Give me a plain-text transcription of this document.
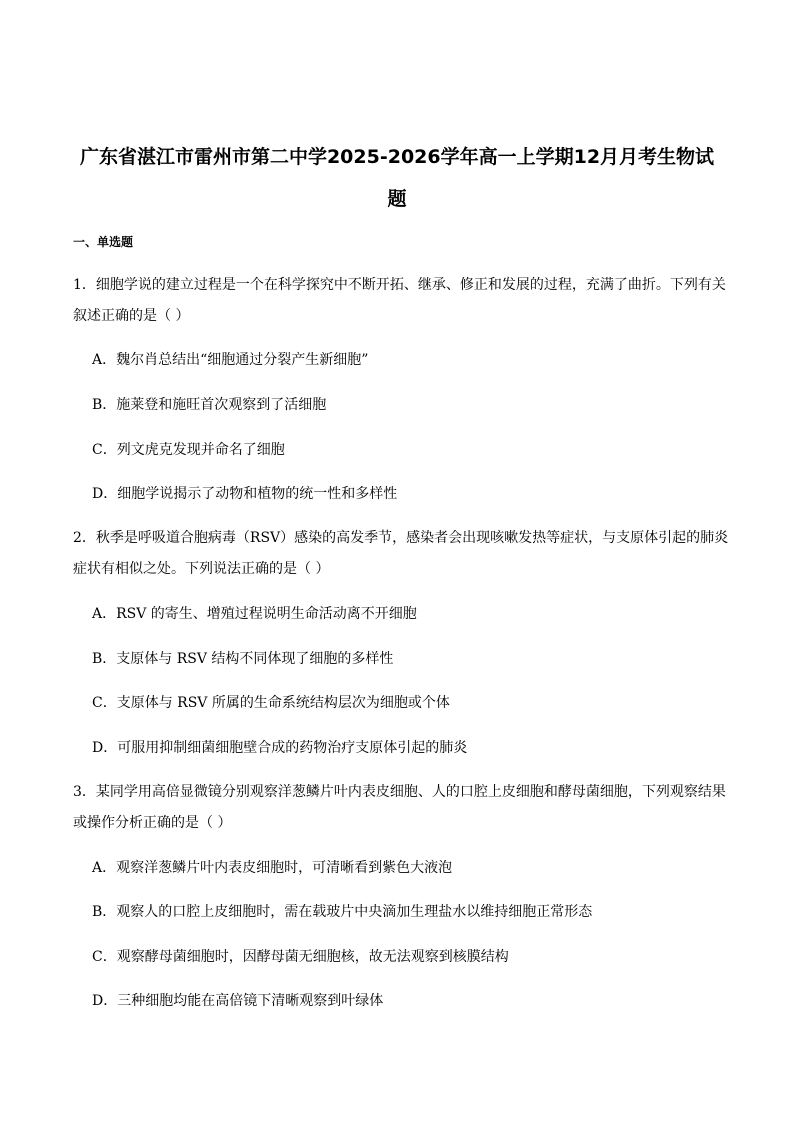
广东省湛江市雷州市第二中学2025-2026学年高一上学期12月月考生物试
题
一、单选题
1．细胞学说的建立过程是一个在科学探究中不断开拓、继承、修正和发展的过程，充满了曲折。下列有关
叙述正确的是（ ）
A．魏尔肖总结出“细胞通过分裂产生新细胞”
B．施莱登和施旺首次观察到了活细胞
C．列文虎克发现并命名了细胞
D．细胞学说揭示了动物和植物的统一性和多样性
2．秋季是呼吸道合胞病毒（RSV）感染的高发季节，感染者会出现咳嗽发热等症状，与支原体引起的肺炎
症状有相似之处。下列说法正确的是（ ）
A．RSV 的寄生、增殖过程说明生命活动离不开细胞
B．支原体与 RSV 结构不同体现了细胞的多样性
C．支原体与 RSV 所属的生命系统结构层次为细胞或个体
D．可服用抑制细菌细胞壁合成的药物治疗支原体引起的肺炎
3．某同学用高倍显微镜分别观察洋葱鳞片叶内表皮细胞、人的口腔上皮细胞和酵母菌细胞，下列观察结果
或操作分析正确的是（ ）
A．观察洋葱鳞片叶内表皮细胞时，可清晰看到紫色大液泡
B．观察人的口腔上皮细胞时，需在载玻片中央滴加生理盐水以维持细胞正常形态
C．观察酵母菌细胞时，因酵母菌无细胞核，故无法观察到核膜结构
D．三种细胞均能在高倍镜下清晰观察到叶绿体
